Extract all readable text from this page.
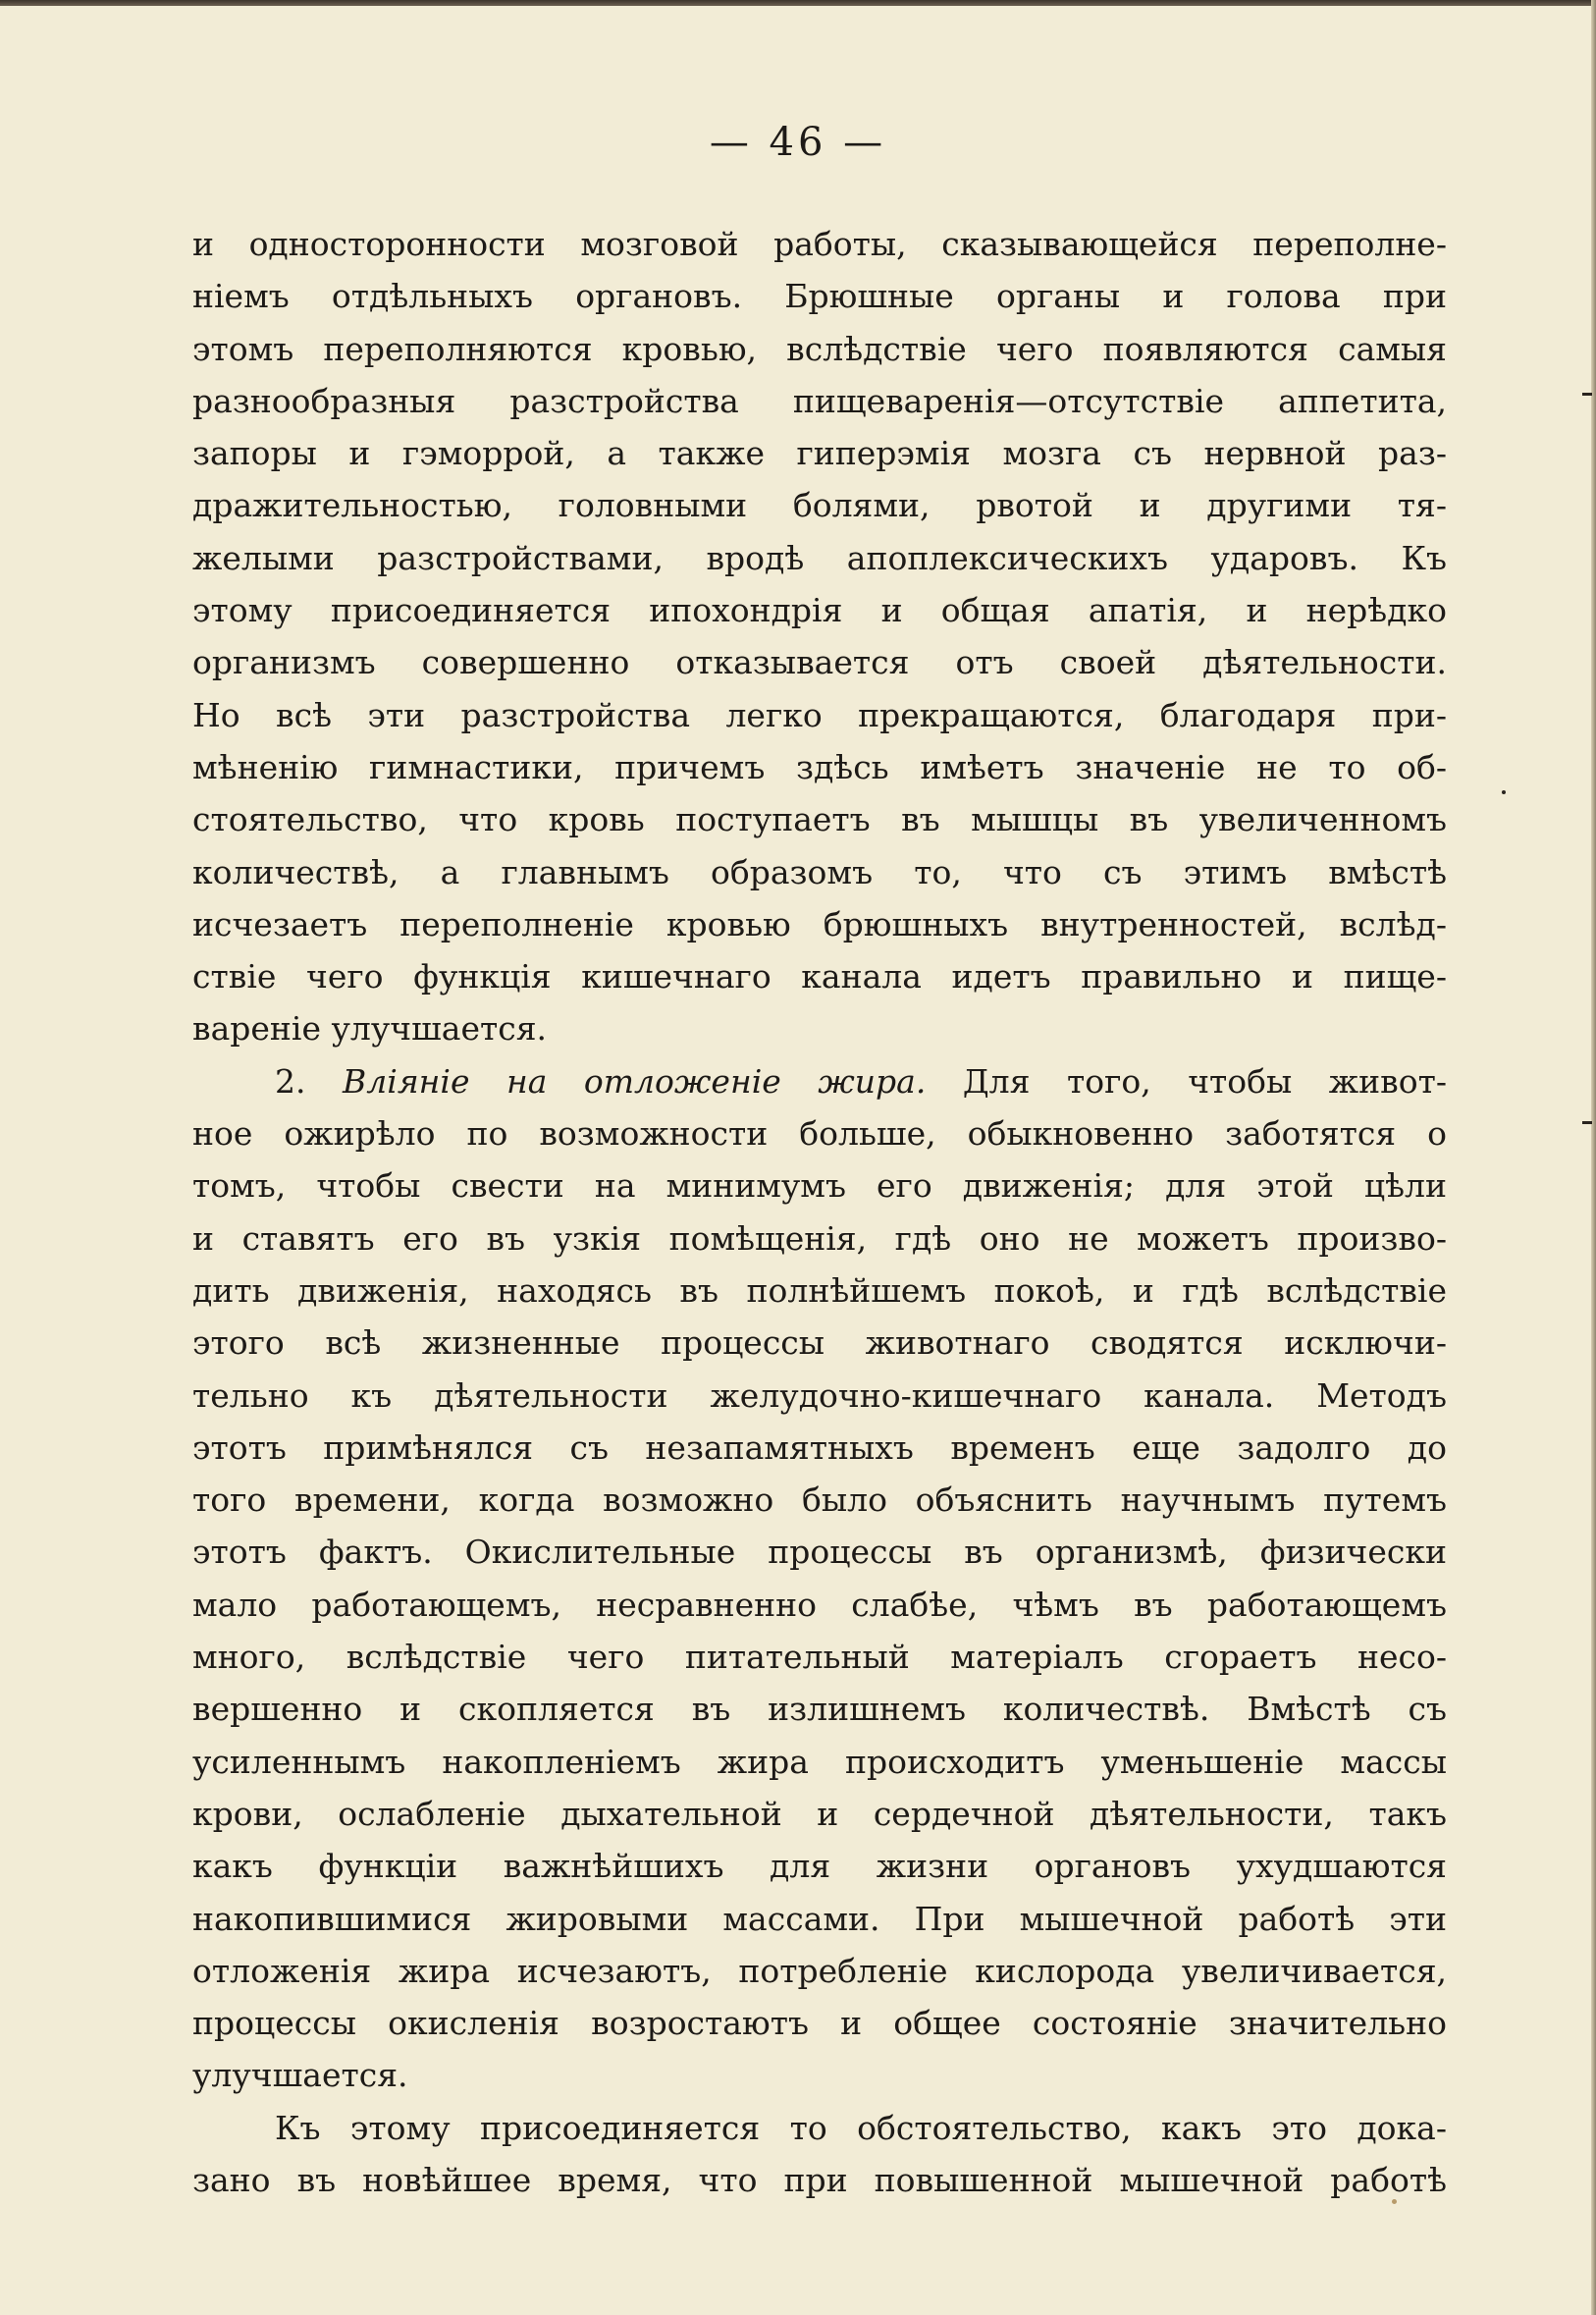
— 46 —
и односторонности мозговой работы, сказывающейся переполне-
ніемъ отдѣльныхъ органовъ. Брюшные органы и голова при
этомъ переполняются кровью, вслѣдствіе чего появляются самыя
разнообразныя разстройства пищеваренія—отсутствіе аппетита,
запоры и гэморрой, а также гиперэмія мозга съ нервной раз-
дражительностью, головными болями, рвотой и другими тя-
желыми разстройствами, вродѣ апоплексическихъ ударовъ. Къ
этому присоединяется ипохондрія и общая апатія, и нерѣдко
организмъ совершенно отказывается отъ своей дѣятельности.
Но всѣ эти разстройства легко прекращаются, благодаря при-
мѣненію гимнастики, причемъ здѣсь имѣетъ значеніе не то об-
стоятельство, что кровь поступаетъ въ мышцы въ увеличенномъ
количествѣ, а главнымъ образомъ то, что съ этимъ вмѣстѣ
исчезаетъ переполненіе кровью брюшныхъ внутренностей, вслѣд-
ствіе чего функція кишечнаго канала идетъ правильно и пище-
вареніе улучшается.
2. Вліяніе на отложеніе жира. Для того, чтобы живот-
ное ожирѣло по возможности больше, обыкновенно заботятся о
томъ, чтобы свести на минимумъ его движенія; для этой цѣли
и ставятъ его въ узкія помѣщенія, гдѣ оно не можетъ произво-
дить движенія, находясь въ полнѣйшемъ покоѣ, и гдѣ вслѣдствіе
этого всѣ жизненные процессы животнаго сводятся исключи-
тельно къ дѣятельности желудочно-кишечнаго канала. Методъ
этотъ примѣнялся съ незапамятныхъ временъ еще задолго до
того времени, когда возможно было объяснить научнымъ путемъ
этотъ фактъ. Окислительные процессы въ организмѣ, физически
мало работающемъ, несравненно слабѣе, чѣмъ въ работающемъ
много, вслѣдствіе чего питательный матеріалъ сгораетъ несо-
вершенно и скопляется въ излишнемъ количествѣ. Вмѣстѣ съ
усиленнымъ накопленіемъ жира происходитъ уменьшеніе массы
крови, ослабленіе дыхательной и сердечной дѣятельности, такъ
какъ функціи важнѣйшихъ для жизни органовъ ухудшаются
накопившимися жировыми массами. При мышечной работѣ эти
отложенія жира исчезаютъ, потребленіе кислорода увеличивается,
процессы окисленія возростаютъ и общее состояніе значительно
улучшается.
Къ этому присоединяется то обстоятельство, какъ это дока-
зано въ новѣйшее время, что при повышенной мышечной работѣ
